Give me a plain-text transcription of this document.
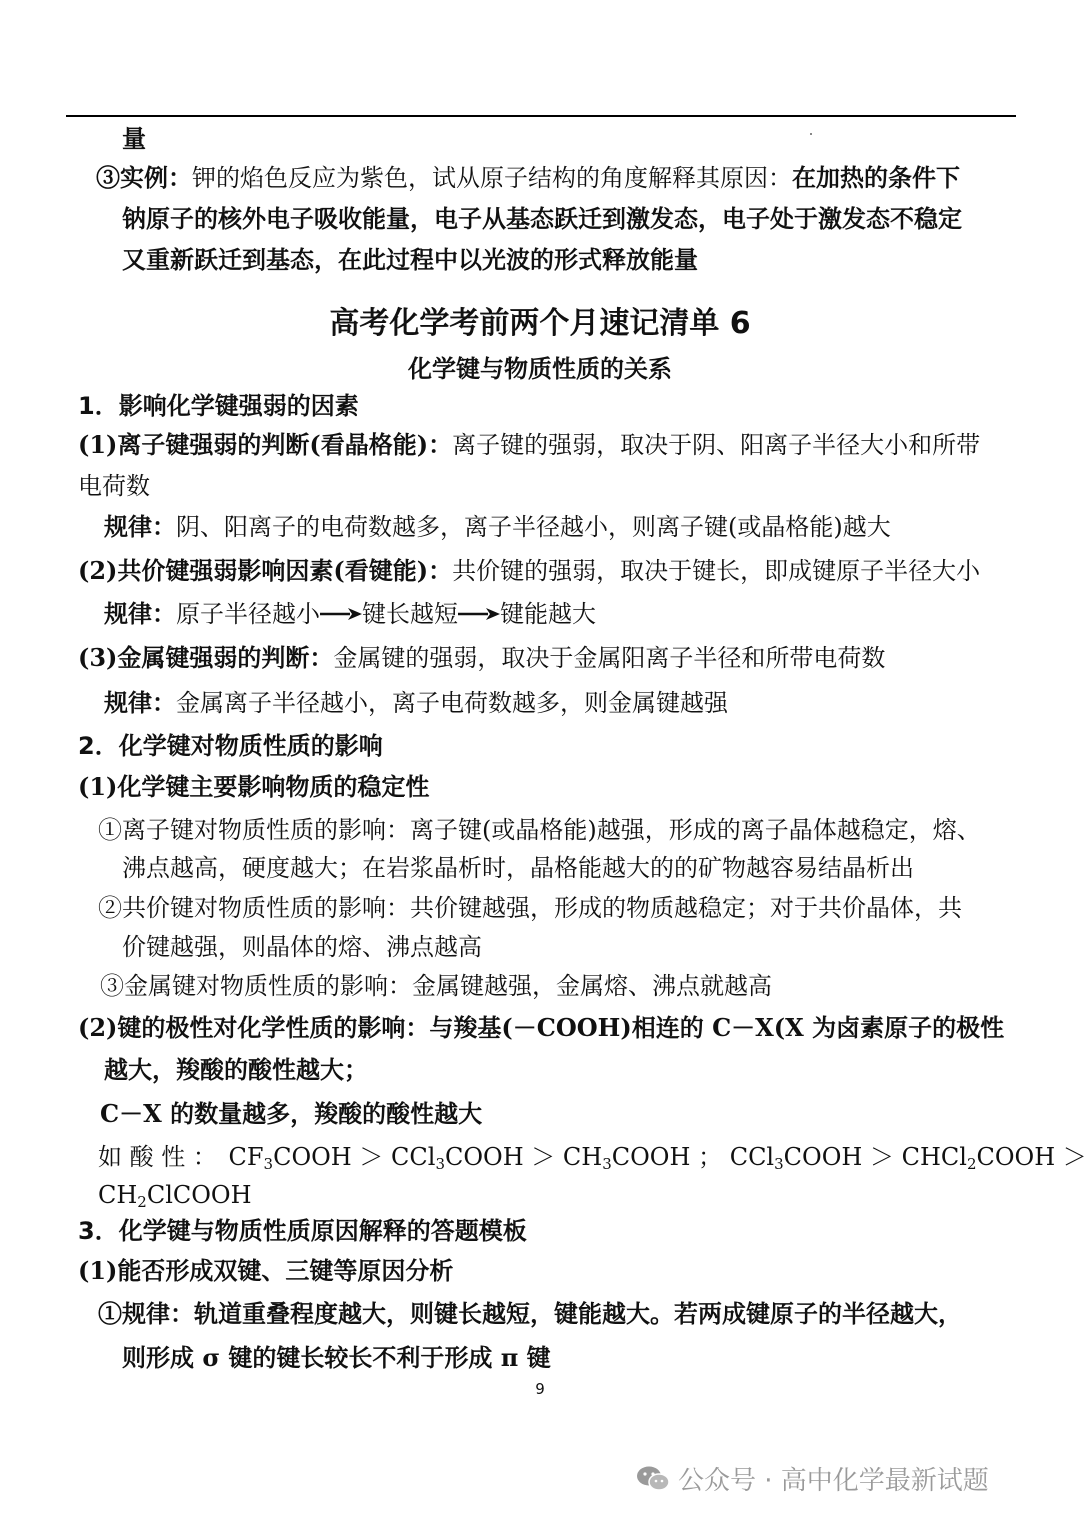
量
③实例：钾的焰色反应为紫色，试从原子结构的角度解释其原因：在加热的条件下
钠原子的核外电子吸收能量，电子从基态跃迁到激发态，电子处于激发态不稳定
又重新跃迁到基态，在此过程中以光波的形式释放能量
高考化学考前两个月速记清单 6
化学键与物质性质的关系
1．影响化学键强弱的因素
(1)离子键强弱的判断(看晶格能)：离子键的强弱，取决于阴、阳离子半径大小和所带
电荷数
规律：阴、阳离子的电荷数越多，离子半径越小，则离子键(或晶格能)越大
(2)共价键强弱影响因素(看键能)：共价键的强弱，取决于键长，即成键原子半径大小
规律： 原子半径越小 键长越短 键能越大
(3)金属键强弱的判断：金属键的强弱，取决于金属阳离子半径和所带电荷数
规律：金属离子半径越小，离子电荷数越多，则金属键越强
2．化学键对物质性质的影响
(1)化学键主要影响物质的稳定性
①离子键对物质性质的影响：离子键(或晶格能)越强，形成的离子晶体越稳定，熔、
沸点越高，硬度越大；在岩浆晶析时，晶格能越大的的矿物越容易结晶析出
②共价键对物质性质的影响：共价键越强，形成的物质越稳定；对于共价晶体，共
价键越强，则晶体的熔、沸点越高
③金属键对物质性质的影响：金属键越强，金属熔、沸点就越高
(2)键的极性对化学性质的影响：与羧基(－COOH)相连的 C－X(X 为卤素原子的极性
越大，羧酸的酸性越大；
C－X 的数量越多，羧酸的酸性越大
如 酸 性 ： $CF_3COOH$ ＞ CCl$_3$COOH ＞ $CH_3COOH$ ； CCl$_3$COOH ＞ CHCl$_2$COOH ＞
$CH_2ClCOOH$
3．化学键与物质性质原因解释的答题模板
(1)能否形成双键、三键等原因分析
①规律：轨道重叠程度越大，则键长越短，键能越大。若两成键原子的半径越大，
则形成 σ 键的键长较长不利于形成 π 键
9
公众号 · 高中化学最新试题
